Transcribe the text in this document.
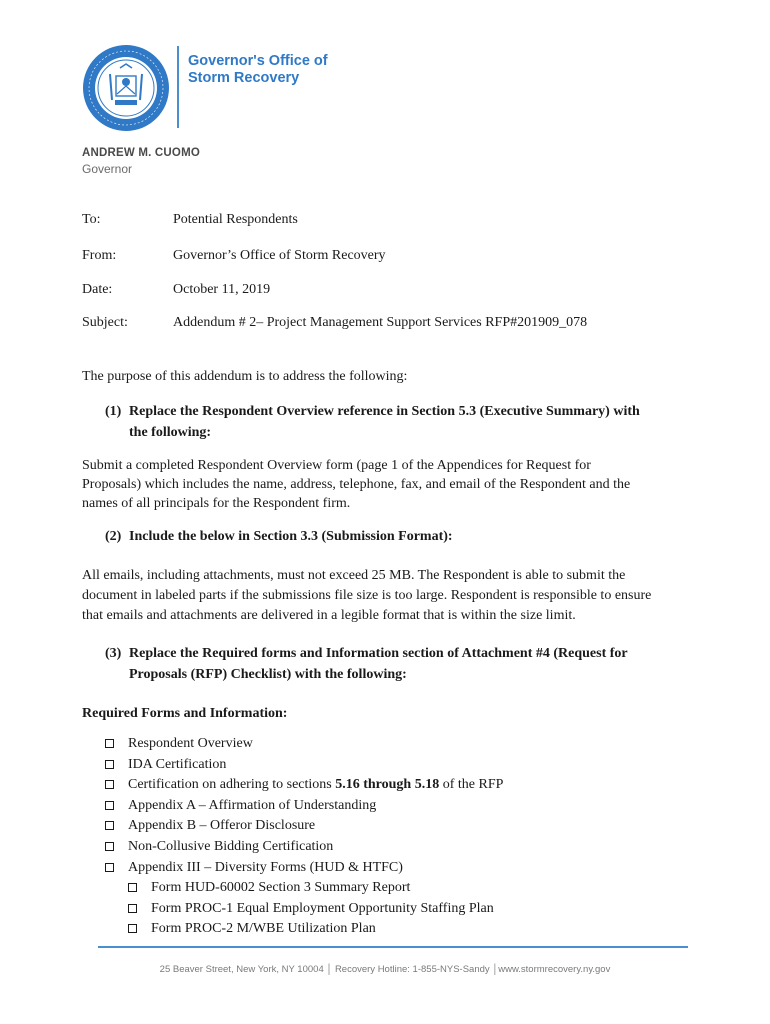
Governor's Office of
Storm Recovery
ANDREW M. CUOMO
Governor
To:	Potential Respondents
From:	Governor’s Office of Storm Recovery
Date:	October 11, 2019
Subject:	Addendum # 2– Project Management Support Services RFP#201909_078
The purpose of this addendum is to address the following:
(1) Replace the Respondent Overview reference in Section 5.3 (Executive Summary) with
the following:
Submit a completed Respondent Overview form (page 1 of the Appendices for Request for
Proposals) which includes the name, address, telephone, fax, and email of the Respondent and the
names of all principals for the Respondent firm.
(2) Include the below in Section 3.3 (Submission Format):
All emails, including attachments, must not exceed 25 MB. The Respondent is able to submit the
document in labeled parts if the submissions file size is too large. Respondent is responsible to ensure
that emails and attachments are delivered in a legible format that is within the size limit.
(3) Replace the Required forms and Information section of Attachment #4 (Request for
Proposals (RFP) Checklist) with the following:
Required Forms and Information:
Respondent Overview
IDA Certification
Certification on adhering to sections 5.16 through 5.18 of the RFP
Appendix A – Affirmation of Understanding
Appendix B – Offeror Disclosure
Non-Collusive Bidding Certification
Appendix III – Diversity Forms (HUD & HTFC)
Form HUD-60002 Section 3 Summary Report
Form PROC-1 Equal Employment Opportunity Staffing Plan
Form PROC-2 M/WBE Utilization Plan
25 Beaver Street, New York, NY 10004 │ Recovery Hotline: 1-855-NYS-Sandy │www.stormrecovery.ny.gov
